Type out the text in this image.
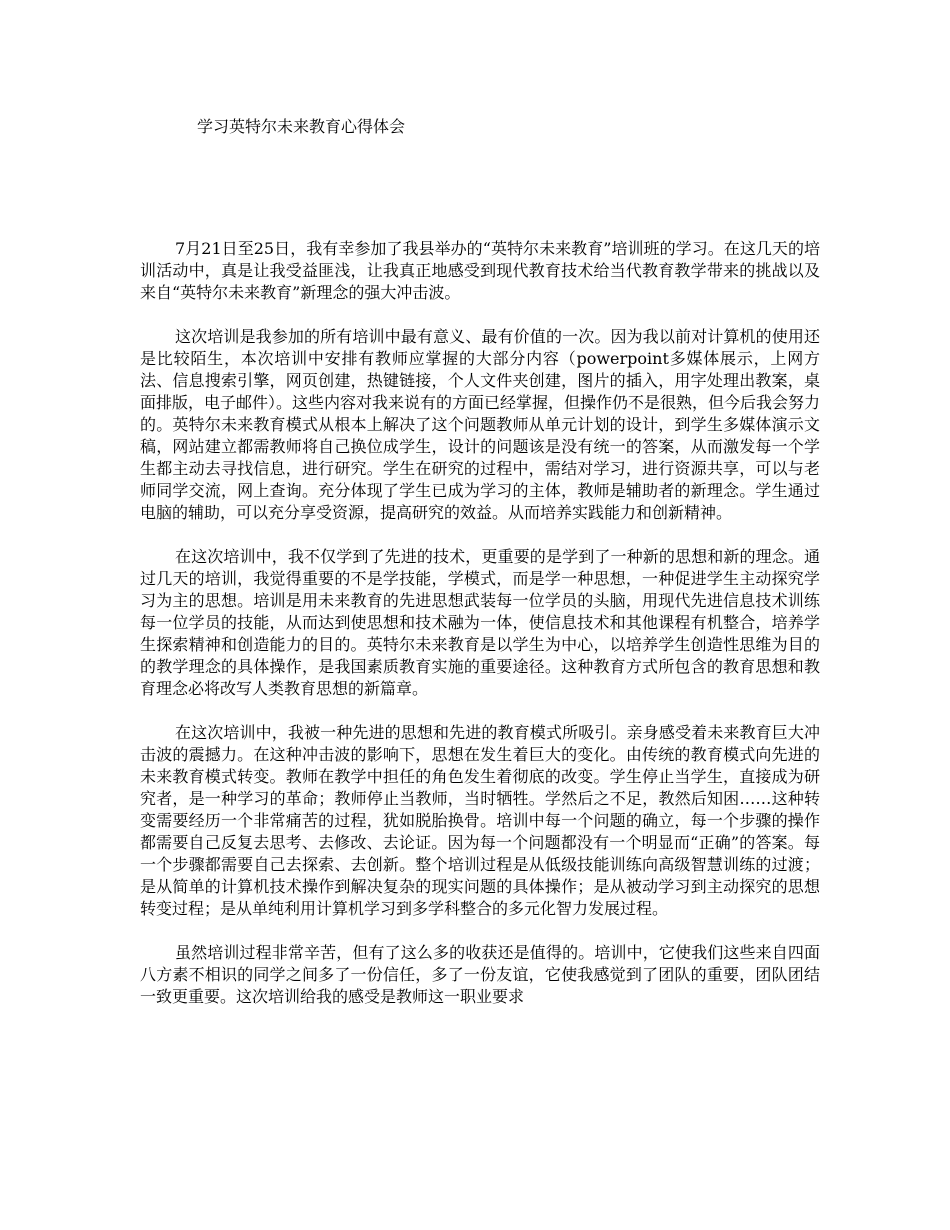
学习英特尔未来教育心得体会

7月21日至25日，我有幸参加了我县举办的“英特尔未来教育”培训班的学习。在这几天的培训活动中，真是让我受益匪浅，让我真正地感受到现代教育技术给当代教育教学带来的挑战以及来自“英特尔未来教育”新理念的强大冲击波。

这次培训是我参加的所有培训中最有意义、最有价值的一次。因为我以前对计算机的使用还是比较陌生，本次培训中安排有教师应掌握的大部分内容（powerpoint多媒体展示，上网方法、信息搜索引擎，网页创建，热键链接，个人文件夹创建，图片的插入，用字处理出教案，桌面排版，电子邮件）。这些内容对我来说有的方面已经掌握，但操作仍不是很熟，但今后我会努力的。英特尔未来教育模式从根本上解决了这个问题教师从单元计划的设计，到学生多媒体演示文稿，网站建立都需教师将自己换位成学生，设计的问题该是没有统一的答案，从而激发每一个学生都主动去寻找信息，进行研究。学生在研究的过程中，需结对学习，进行资源共享，可以与老师同学交流，网上查询。充分体现了学生已成为学习的主体，教师是辅助者的新理念。学生通过电脑的辅助，可以充分享受资源，提高研究的效益。从而培养实践能力和创新精神。

在这次培训中，我不仅学到了先进的技术，更重要的是学到了一种新的思想和新的理念。通过几天的培训，我觉得重要的不是学技能，学模式，而是学一种思想，一种促进学生主动探究学习为主的思想。培训是用未来教育的先进思想武装每一位学员的头脑，用现代先进信息技术训练每一位学员的技能，从而达到使思想和技术融为一体，使信息技术和其他课程有机整合，培养学生探索精神和创造能力的目的。英特尔未来教育是以学生为中心，以培养学生创造性思维为目的的教学理念的具体操作，是我国素质教育实施的重要途径。这种教育方式所包含的教育思想和教育理念必将改写人类教育思想的新篇章。

在这次培训中，我被一种先进的思想和先进的教育模式所吸引。亲身感受着未来教育巨大冲击波的震撼力。在这种冲击波的影响下，思想在发生着巨大的变化。由传统的教育模式向先进的未来教育模式转变。教师在教学中担任的角色发生着彻底的改变。学生停止当学生，直接成为研究者，是一种学习的革命；教师停止当教师，当时牺牲。学然后之不足，教然后知困……这种转变需要经历一个非常痛苦的过程，犹如脱胎换骨。培训中每一个问题的确立，每一个步骤的操作都需要自己反复去思考、去修改、去论证。因为每一个问题都没有一个明显而“正确”的答案。每一个步骤都需要自己去探索、去创新。整个培训过程是从低级技能训练向高级智慧训练的过渡；是从简单的计算机技术操作到解决复杂的现实问题的具体操作；是从被动学习到主动探究的思想转变过程；是从单纯利用计算机学习到多学科整合的多元化智力发展过程。

虽然培训过程非常辛苦，但有了这么多的收获还是值得的。培训中，它使我们这些来自四面八方素不相识的同学之间多了一份信任，多了一份友谊，它使我感觉到了团队的重要，团队团结一致更重要。这次培训给我的感受是教师这一职业要求
